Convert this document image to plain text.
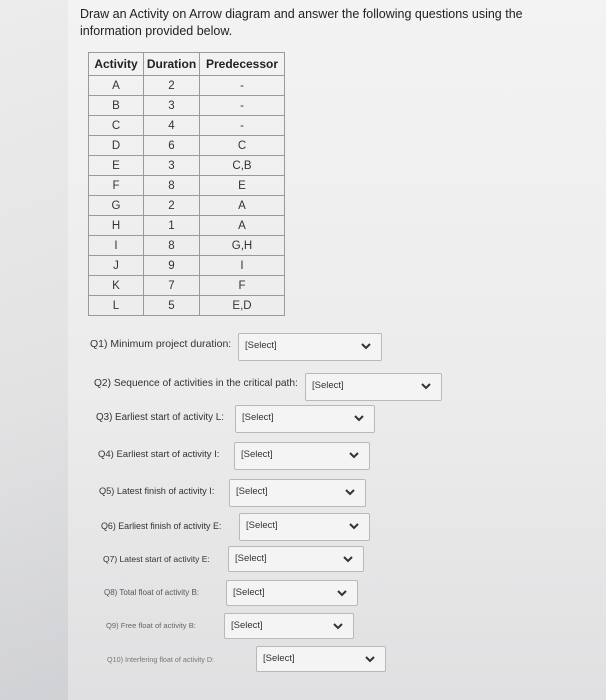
Draw an Activity on Arrow diagram and answer the following questions using the information provided below.
Activity	Duration	Predecessor
A	2	-
B	3	-
C	4	-
D	6	C
E	3	C,B
F	8	E
G	2	A
H	1	A
I	8	G,H
J	9	I
K	7	F
L	5	E,D
Q1) Minimum project duration: [Select]
Q2) Sequence of activities in the critical path: [Select]
Q3) Earliest start of activity L: [Select]
Q4) Earliest start of activity I: [Select]
Q5) Latest finish of activity I: [Select]
Q6) Earliest finish of activity E:	[Select]
Q7) Latest start of activity E:	[Select]
Q8) Total float of activity B:	[Select]
Q9) Free float of activity B:	[Select]
Q10) Interfering float of activity D:	[Select]
